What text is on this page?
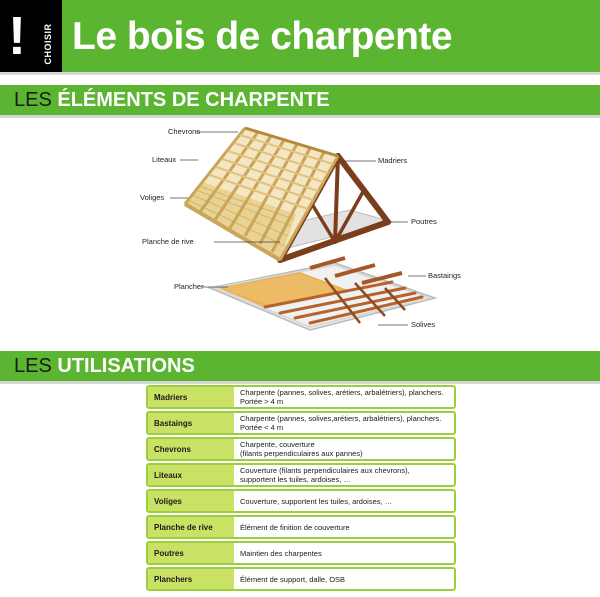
! CHOISIR Le bois de charpente
LES ÉLÉMENTS DE CHARPENTE
Chevrons
Liteaux
Voliges
Planche de rive
Plancher
Madriers
Poutres
Bastaings
Solives
LES UTILISATIONS
Madriers	Charpente (pannes, solives, arétiers, arbalétriers), planchers.
Portée > 4 m
Bastaings	Charpente (pannes, solives,arétiers, arbalétriers), planchers.
Portée < 4 m
Chevrons	Charpente, couverture
(filants perpendiculaires aux pannes)
Liteaux	Couverture (filants perpendiculaires aux chevrons),
supportent les tuiles, ardoises, …
Voliges	Couverture, supportent les tuiles, ardoises, …
Planche de rive	Élément de finition de couverture
Poutres	Maintien des charpentes
Planchers	Élément de support, dalle, OSB
